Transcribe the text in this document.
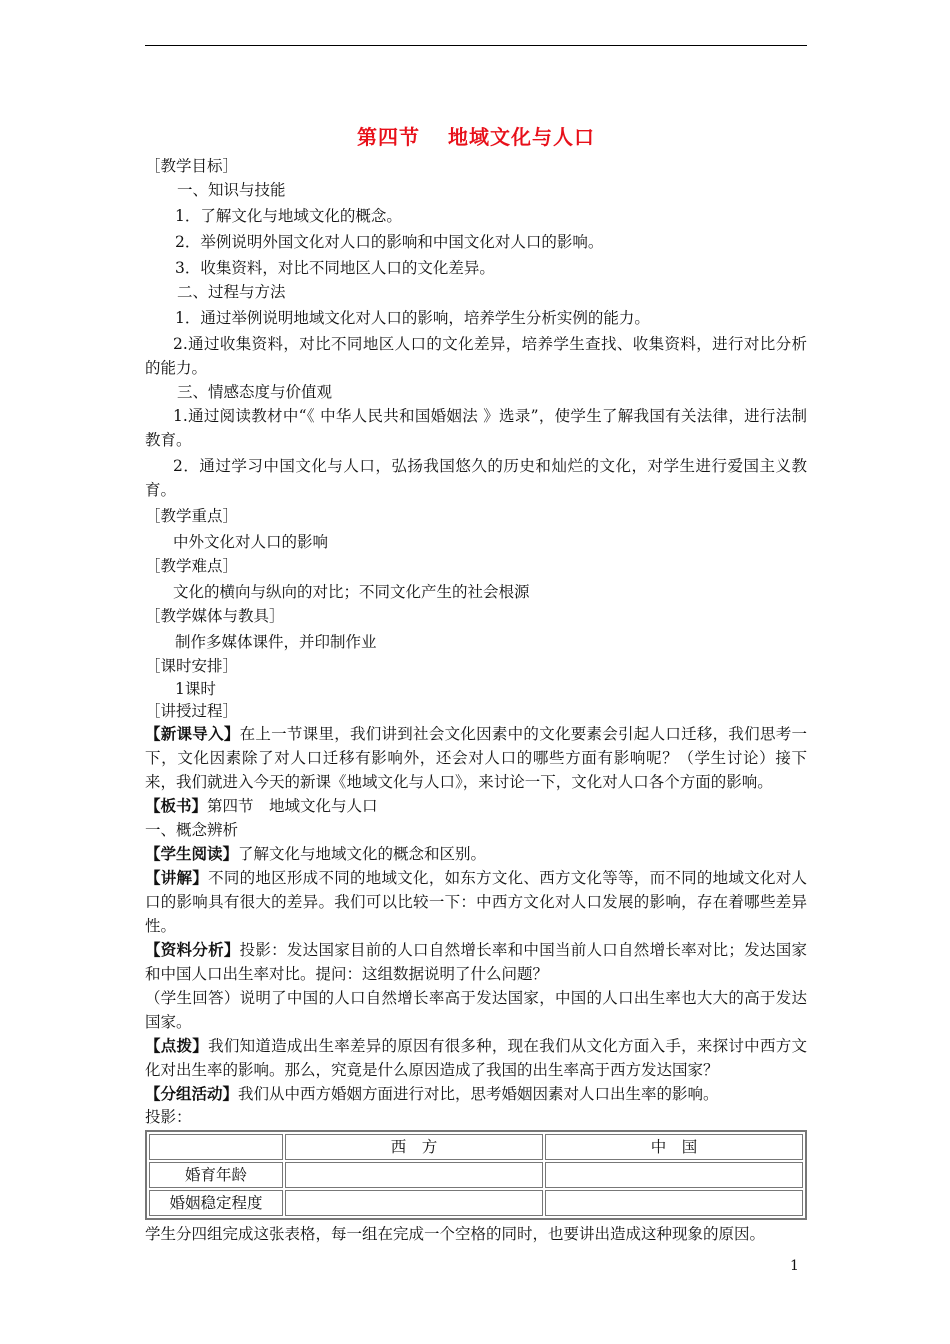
第四节 地域文化与人口

［教学目标］

一、知识与技能

1．了解文化与地域文化的概念。

2．举例说明外国文化对人口的影响和中国文化对人口的影响。

3．收集资料，对比不同地区人口的文化差异。

二、过程与方法

1．通过举例说明地域文化对人口的影响，培养学生分析实例的能力。

2.通过收集资料，对比不同地区人口的文化差异，培养学生查找、收集资料，进行对比分析的能力。

三、情感态度与价值观

1.通过阅读教材中“《 中华人民共和国婚姻法 》选录”，使学生了解我国有关法律，进行法制教育。

2．通过学习中国文化与人口，弘扬我国悠久的历史和灿烂的文化，对学生进行爱国主义教育。

［教学重点］

中外文化对人口的影响

［教学难点］

文化的横向与纵向的对比；不同文化产生的社会根源

［教学媒体与教具］

制作多媒体课件，并印制作业

［课时安排］

1课时

［讲授过程］

【新课导入】在上一节课里，我们讲到社会文化因素中的文化要素会引起人口迁移，我们思考一下，文化因素除了对人口迁移有影响外，还会对人口的哪些方面有影响呢？（学生讨论）接下来，我们就进入今天的新课《地域文化与人口》，来讨论一下，文化对人口各个方面的影响。

【板书】第四节　地域文化与人口

一、概念辨析

【学生阅读】了解文化与地域文化的概念和区别。

【讲解】不同的地区形成不同的地域文化，如东方文化、西方文化等等，而不同的地域文化对人口的影响具有很大的差异。我们可以比较一下：中西方文化对人口发展的影响，存在着哪些差异性。

【资料分析】投影：发达国家目前的人口自然增长率和中国当前人口自然增长率对比；发达国家和中国人口出生率对比。提问：这组数据说明了什么问题？

（学生回答）说明了中国的人口自然增长率高于发达国家，中国的人口出生率也大大的高于发达国家。

【点拨】我们知道造成出生率差异的原因有很多种，现在我们从文化方面入手，来探讨中西方文化对出生率的影响。那么，究竟是什么原因造成了我国的出生率高于西方发达国家？

【分组活动】我们从中西方婚姻方面进行对比，思考婚姻因素对人口出生率的影响。

投影：

	西　方	中　国
婚育年龄		
婚姻稳定程度		

学生分四组完成这张表格，每一组在完成一个空格的同时，也要讲出造成这种现象的原因。

1
